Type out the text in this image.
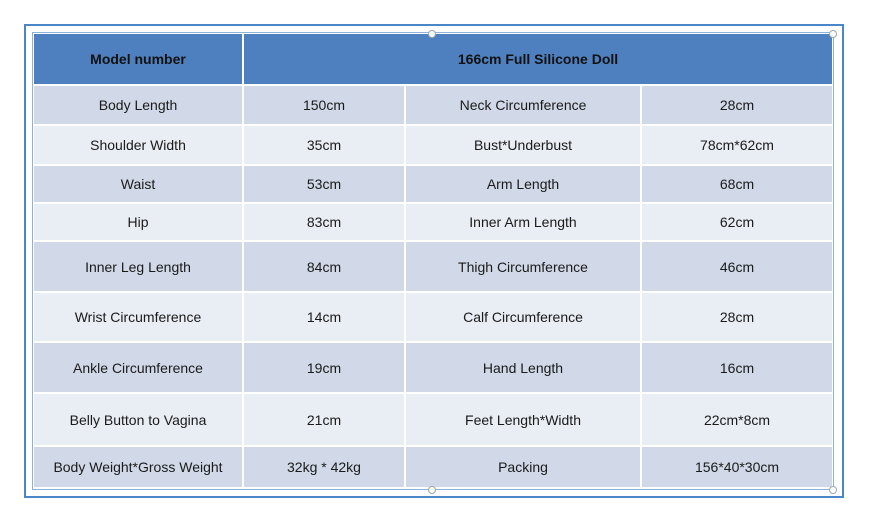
Model number	166cm Full Silicone Doll		
Body Length	150cm	Neck Circumference	28cm
Shoulder Width	35cm	Bust*Underbust	78cm*62cm
Waist	53cm	Arm Length	68cm
Hip	83cm	Inner Arm Length	62cm
Inner Leg Length	84cm	Thigh Circumference	46cm
Wrist Circumference	14cm	Calf Circumference	28cm
Ankle Circumference	19cm	Hand Length	16cm
Belly Button to Vagina	21cm	Feet Length*Width	22cm*8cm
Body Weight*Gross Weight	32kg * 42kg	Packing	156*40*30cm
